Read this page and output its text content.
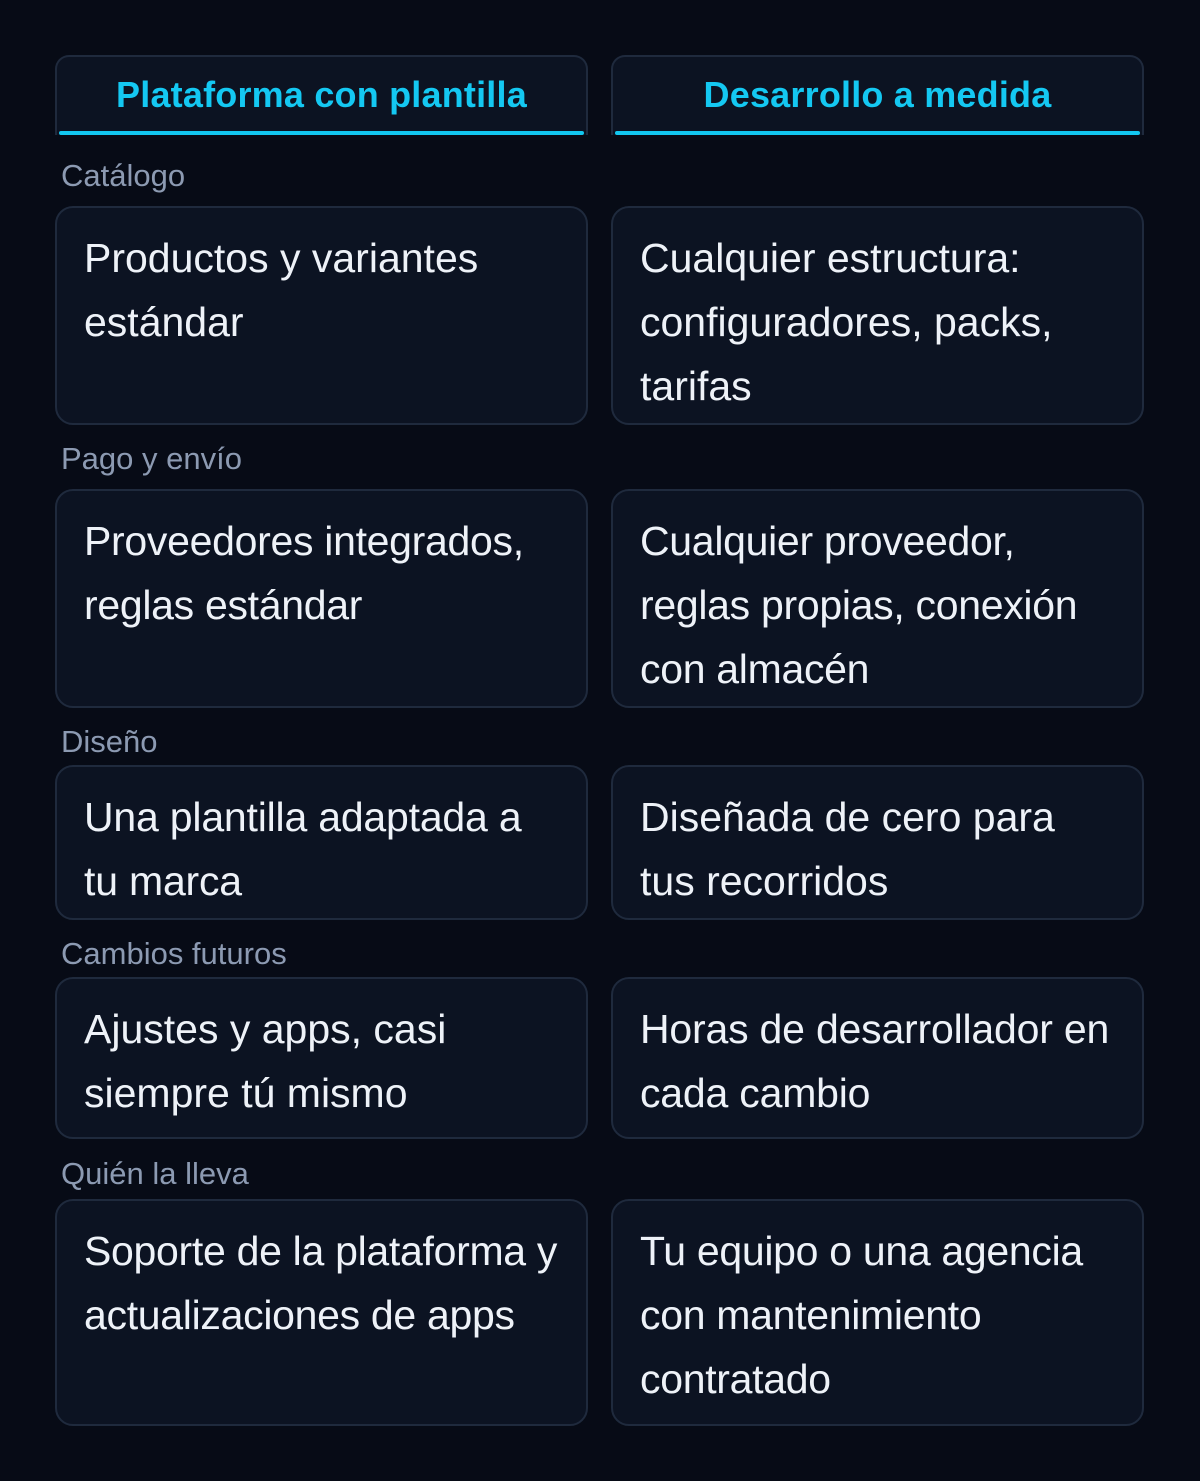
Plataforma con plantilla	Desarrollo a medida

Catálogo

Productos y variantes estándar

Cualquier estructura: configuradores, packs, tarifas

Pago y envío

Proveedores integrados, reglas estándar

Cualquier proveedor, reglas propias, conexión con almacén

Diseño

Una plantilla adaptada a tu marca

Diseñada de cero para tus recorridos

Cambios futuros

Ajustes y apps, casi siempre tú mismo

Horas de desarrollador en cada cambio

Quién la lleva

Soporte de la plataforma y actualizaciones de apps

Tu equipo o una agencia con mantenimiento contratado
